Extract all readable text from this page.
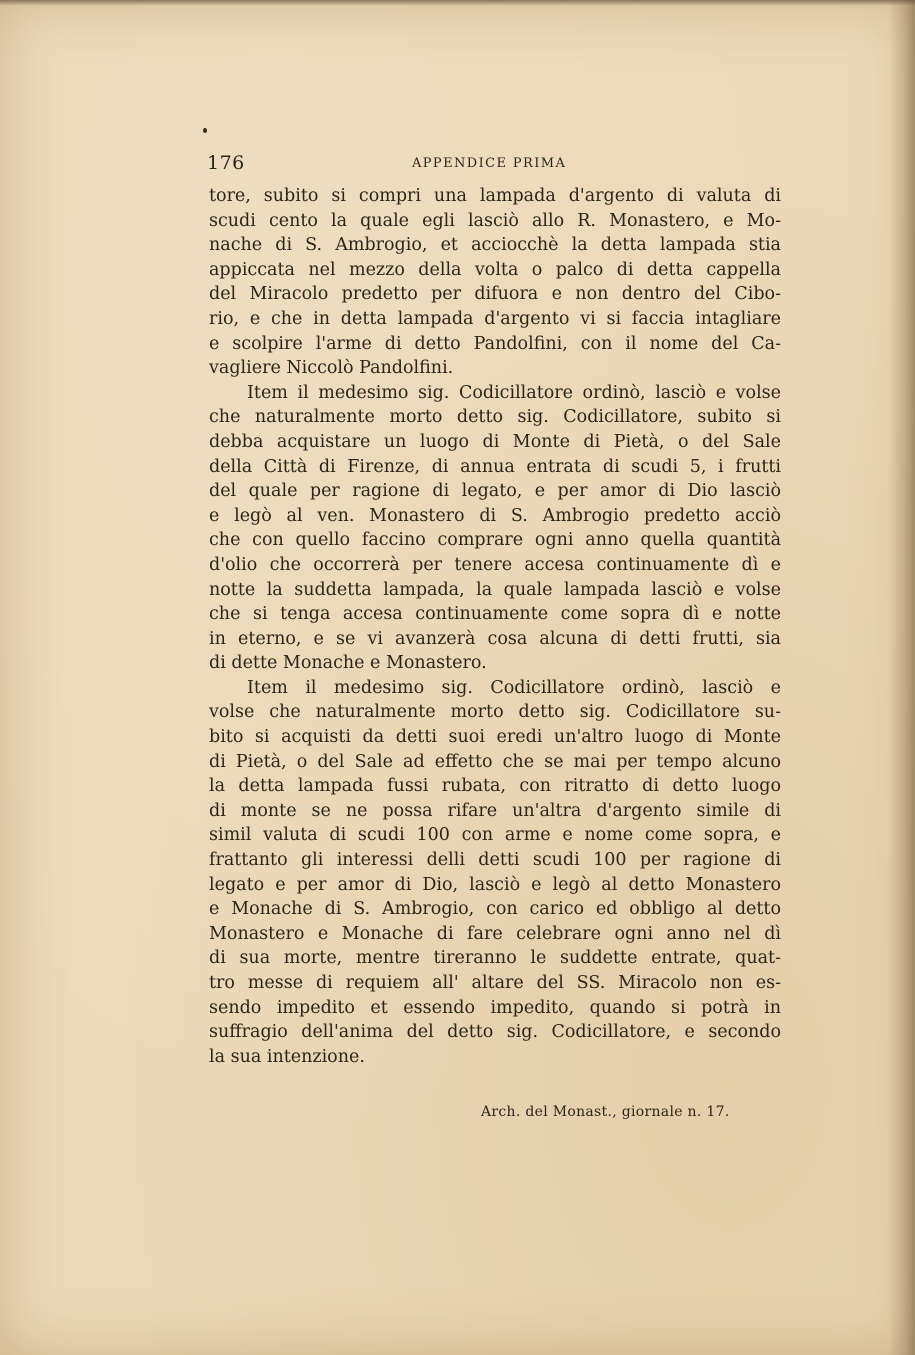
176	APPENDICE PRIMA
tore, subito si compri una lampada d'argento di valuta di
scudi cento la quale egli lasciò allo R. Monastero, e Mo-
nache di S. Ambrogio, et acciocchè la detta lampada stia
appiccata nel mezzo della volta o palco di detta cappella
del Miracolo predetto per difuora e non dentro del Cibo-
rio, e che in detta lampada d'argento vi si faccia intagliare
e scolpire l'arme di detto Pandolfini, con il nome del Ca-
vagliere Niccolò Pandolfini.
Item il medesimo sig. Codicillatore ordinò, lasciò e volse
che naturalmente morto detto sig. Codicillatore, subito si
debba acquistare un luogo di Monte di Pietà, o del Sale
della Città di Firenze, di annua entrata di scudi 5, i frutti
del quale per ragione di legato, e per amor di Dio lasciò
e legò al ven. Monastero di S. Ambrogio predetto acciò
che con quello faccino comprare ogni anno quella quantità
d'olio che occorrerà per tenere accesa continuamente dì e
notte la suddetta lampada, la quale lampada lasciò e volse
che si tenga accesa continuamente come sopra dì e notte
in eterno, e se vi avanzerà cosa alcuna di detti frutti, sia
di dette Monache e Monastero.
Item il medesimo sig. Codicillatore ordinò, lasciò e
volse che naturalmente morto detto sig. Codicillatore su-
bito si acquisti da detti suoi eredi un'altro luogo di Monte
di Pietà, o del Sale ad effetto che se mai per tempo alcuno
la detta lampada fussi rubata, con ritratto di detto luogo
di monte se ne possa rifare un'altra d'argento simile di
simil valuta di scudi 100 con arme e nome come sopra, e
frattanto gli interessi delli detti scudi 100 per ragione di
legato e per amor di Dio, lasciò e legò al detto Monastero
e Monache di S. Ambrogio, con carico ed obbligo al detto
Monastero e Monache di fare celebrare ogni anno nel dì
di sua morte, mentre tireranno le suddette entrate, quat-
tro messe di requiem all' altare del SS. Miracolo non es-
sendo impedito et essendo impedito, quando si potrà in
suffragio dell'anima del detto sig. Codicillatore, e secondo
la sua intenzione.
Arch. del Monast., giornale n. 17.
